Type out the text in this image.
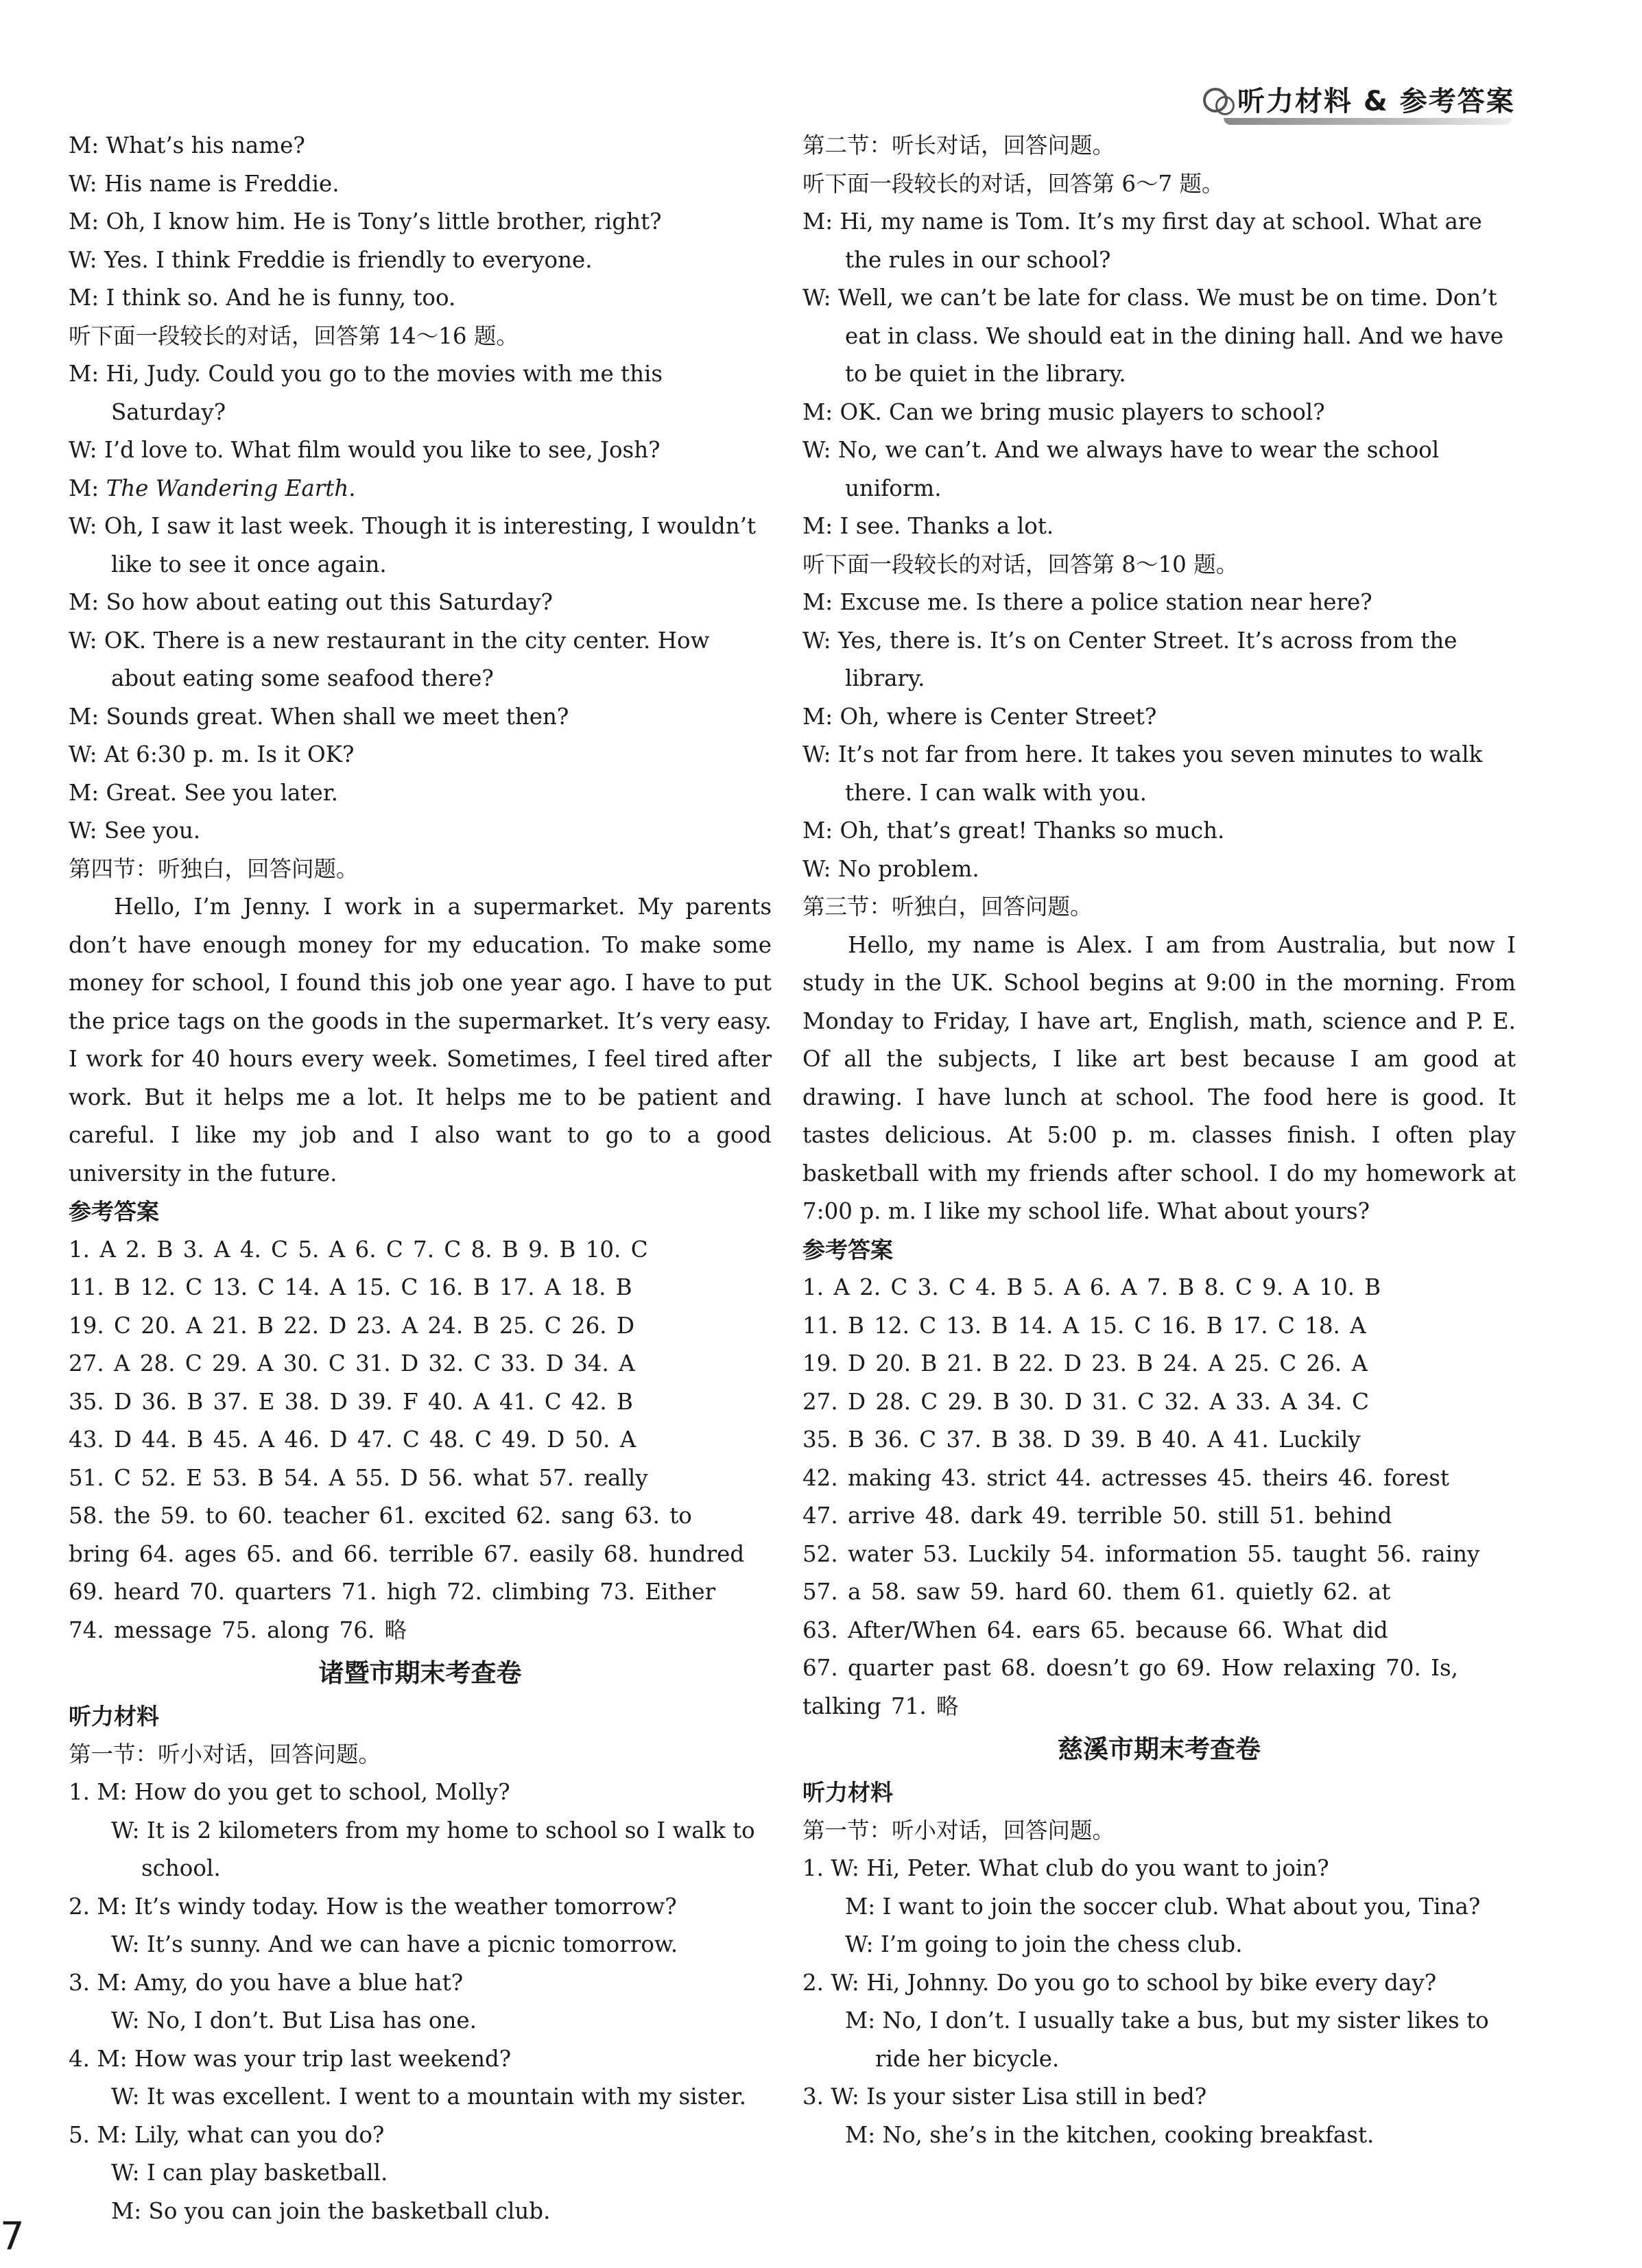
听力材料 & 参考答案
M: What’s his name?
W: His name is Freddie.
M: Oh, I know him. He is Tony’s little brother, right?
W: Yes. I think Freddie is friendly to everyone.
M: I think so. And he is funny, too.
听下面一段较长的对话，回答第 14～16 题。
M: Hi, Judy. Could you go to the movies with me this Saturday?
W: I’d love to. What film would you like to see, Josh?
M: The Wandering Earth.
W: Oh, I saw it last week. Though it is interesting, I wouldn’t like to see it once again.
M: So how about eating out this Saturday?
W: OK. There is a new restaurant in the city center. How about eating some seafood there?
M: Sounds great. When shall we meet then?
W: At 6:30 p. m. Is it OK?
M: Great. See you later.
W: See you.
第四节：听独白，回答问题。
Hello, I’m Jenny. I work in a supermarket. My parents don’t have enough money for my education. To make some money for school, I found this job one year ago. I have to put the price tags on the goods in the supermarket. It’s very easy. I work for 40 hours every week. Sometimes, I feel tired after work. But it helps me a lot. It helps me to be patient and careful. I like my job and I also want to go to a good university in the future.
参考答案
1. A 2. B 3. A 4. C 5. A 6. C 7. C 8. B 9. B 10. C
11. B 12. C 13. C 14. A 15. C 16. B 17. A 18. B
19. C 20. A 21. B 22. D 23. A 24. B 25. C 26. D
27. A 28. C 29. A 30. C 31. D 32. C 33. D 34. A
35. D 36. B 37. E 38. D 39. F 40. A 41. C 42. B
43. D 44. B 45. A 46. D 47. C 48. C 49. D 50. A
51. C 52. E 53. B 54. A 55. D 56. what 57. really
58. the 59. to 60. teacher 61. excited 62. sang 63. to
bring 64. ages 65. and 66. terrible 67. easily 68. hundred
69. heard 70. quarters 71. high 72. climbing 73. Either
74. message 75. along 76. 略
诸暨市期末考查卷
听力材料
第一节：听小对话，回答问题。
1. M: How do you get to school, Molly?
W: It is 2 kilometers from my home to school so I walk to school.
2. M: It’s windy today. How is the weather tomorrow?
W: It’s sunny. And we can have a picnic tomorrow.
3. M: Amy, do you have a blue hat?
W: No, I don’t. But Lisa has one.
4. M: How was your trip last weekend?
W: It was excellent. I went to a mountain with my sister.
5. M: Lily, what can you do?
W: I can play basketball.
M: So you can join the basketball club.
第二节：听长对话，回答问题。
听下面一段较长的对话，回答第 6～7 题。
M: Hi, my name is Tom. It’s my first day at school. What are the rules in our school?
W: Well, we can’t be late for class. We must be on time. Don’t eat in class. We should eat in the dining hall. And we have to be quiet in the library.
M: OK. Can we bring music players to school?
W: No, we can’t. And we always have to wear the school uniform.
M: I see. Thanks a lot.
听下面一段较长的对话，回答第 8～10 题。
M: Excuse me. Is there a police station near here?
W: Yes, there is. It’s on Center Street. It’s across from the library.
M: Oh, where is Center Street?
W: It’s not far from here. It takes you seven minutes to walk there. I can walk with you.
M: Oh, that’s great! Thanks so much.
W: No problem.
第三节：听独白，回答问题。
Hello, my name is Alex. I am from Australia, but now I study in the UK. School begins at 9:00 in the morning. From Monday to Friday, I have art, English, math, science and P. E. Of all the subjects, I like art best because I am good at drawing. I have lunch at school. The food here is good. It tastes delicious. At 5:00 p. m. classes finish. I often play basketball with my friends after school. I do my homework at 7:00 p. m. I like my school life. What about yours?
参考答案
1. A 2. C 3. C 4. B 5. A 6. A 7. B 8. C 9. A 10. B
11. B 12. C 13. B 14. A 15. C 16. B 17. C 18. A
19. D 20. B 21. B 22. D 23. B 24. A 25. C 26. A
27. D 28. C 29. B 30. D 31. C 32. A 33. A 34. C
35. B 36. C 37. B 38. D 39. B 40. A 41. Luckily
42. making 43. strict 44. actresses 45. theirs 46. forest
47. arrive 48. dark 49. terrible 50. still 51. behind
52. water 53. Luckily 54. information 55. taught 56. rainy
57. a 58. saw 59. hard 60. them 61. quietly 62. at
63. After/When 64. ears 65. because 66. What did
67. quarter past 68. doesn’t go 69. How relaxing 70. Is,
talking 71. 略
慈溪市期末考查卷
听力材料
第一节：听小对话，回答问题。
1. W: Hi, Peter. What club do you want to join?
M: I want to join the soccer club. What about you, Tina?
W: I’m going to join the chess club.
2. W: Hi, Johnny. Do you go to school by bike every day?
M: No, I don’t. I usually take a bus, but my sister likes to ride her bicycle.
3. W: Is your sister Lisa still in bed?
M: No, she’s in the kitchen, cooking breakfast.
7
